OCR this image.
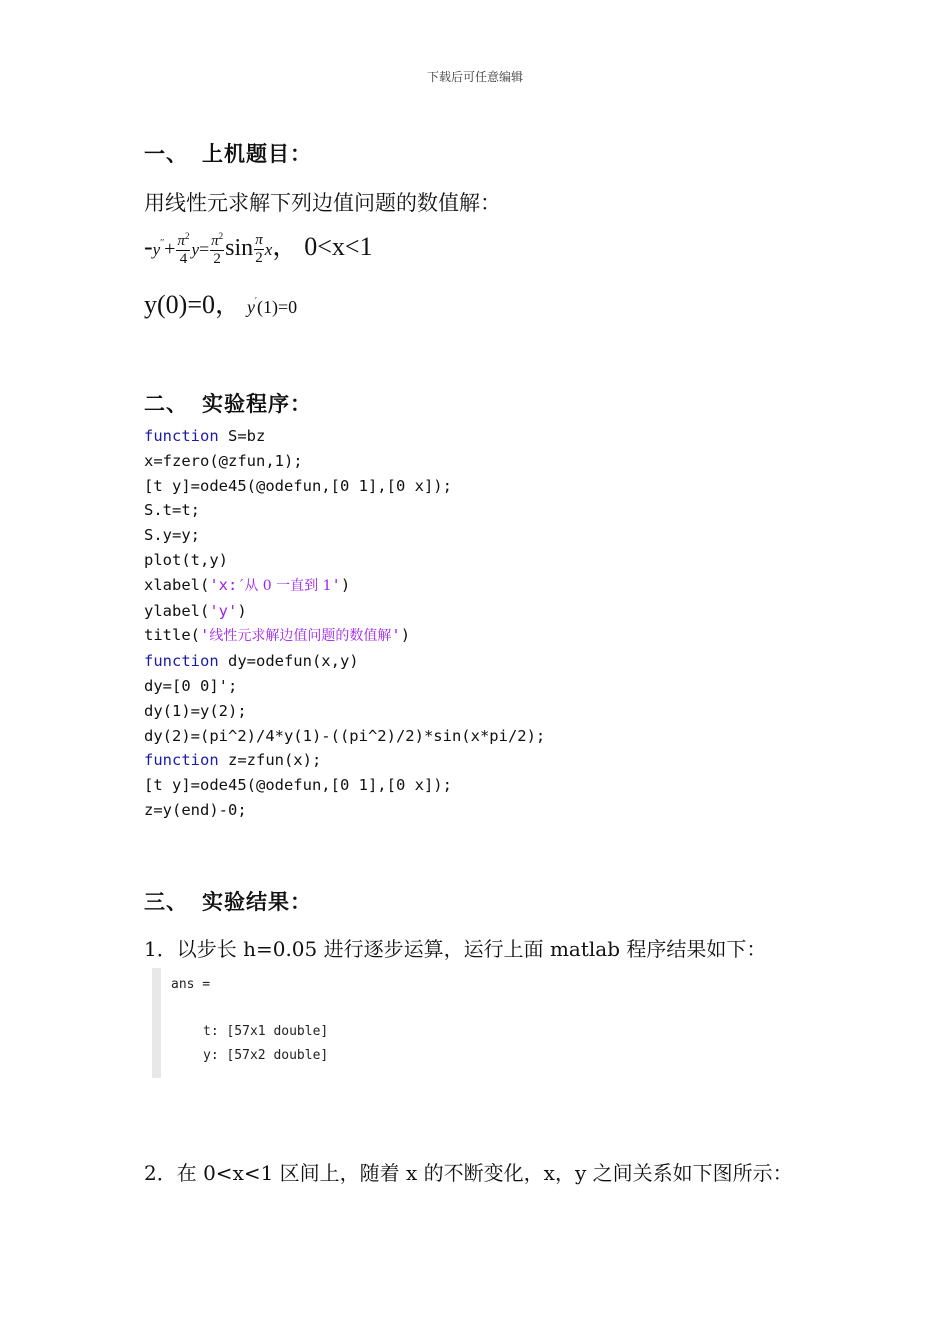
下载后可任意编辑
一、 上机题目：
用线性元求解下列边值问题的数值解：
$-y''+ \frac{\pi^2}{4} y= \frac{\pi^2}{2}$ $\sin \frac{\pi}{2}$ x， 0<x<1
y(0)=0， y′(1)=0
二、 实验程序：
function S=bz
x=fzero(@zfun,1);
[t y]=ode45(@odefun,[0 1],[0 x]);
S.t=t;
S.y=y;
plot(t,y)
xlabel('x:´从 0 一直到 1')
ylabel('y')
title('线性元求解边值问题的数值解')
function dy=odefun(x,y)
dy=[0 0]';
dy(1)=y(2);
dy(2)=(pi^2)/4*y(1)-((pi^2)/2)*sin(x*pi/2);
function z=zfun(x);
[t y]=ode45(@odefun,[0 1],[0 x]);
z=y(end)-0;
三、 实验结果：
1．以步长 h=0.05 进行逐步运算，运行上面 matlab 程序结果如下：
ans =
t: [57x1 double]
y: [57x2 double]
2．在 0<x<1 区间上，随着 x 的不断变化，x，y 之间关系如下图所示：
